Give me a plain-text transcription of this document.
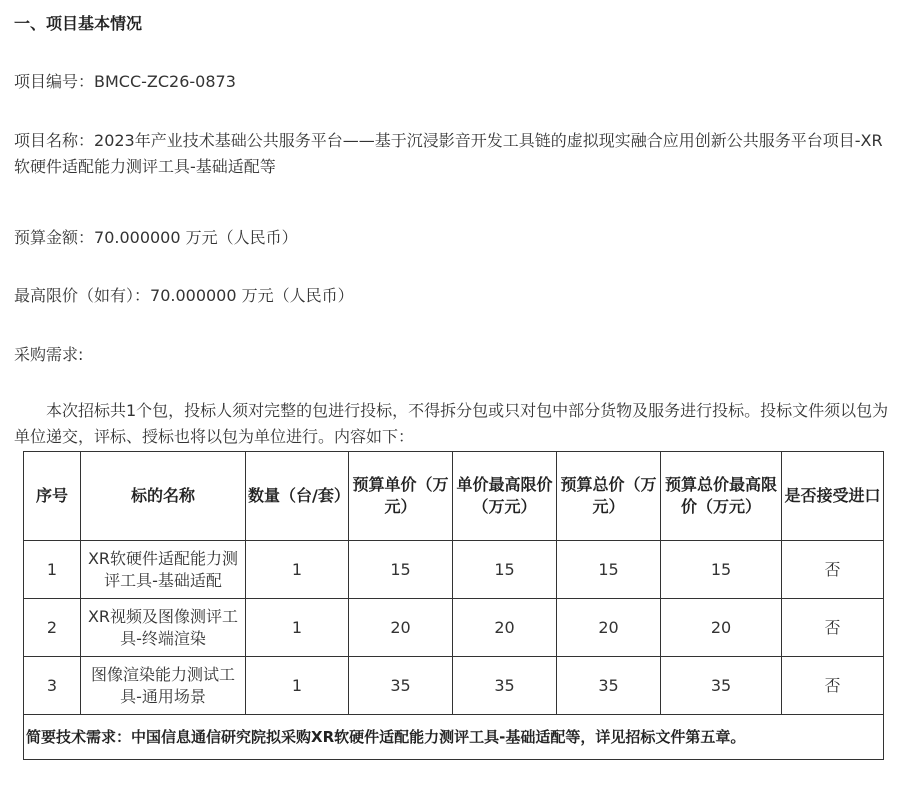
一、项目基本情况
项目编号：BMCC-ZC26-0873
项目名称：2023年产业技术基础公共服务平台——基于沉浸影音开发工具链的虚拟现实融合应用创新公共服务平台项目-XR软硬件适配能力测评工具-基础适配等
预算金额：70.000000 万元（人民币）
最高限价（如有）：70.000000 万元（人民币）
采购需求:
本次招标共1个包，投标人须对完整的包进行投标，不得拆分包或只对包中部分货物及服务进行投标。投标文件须以包为单位递交，评标、授标也将以包为单位进行。内容如下：
序号	标的名称	数量（台/套）	预算单价（万元）	单价最高限价（万元）	预算总价（万元）	预算总价最高限价（万元）	是否接受进口
1	XR软硬件适配能力测评工具-基础适配	1	15	15	15	15	否
2	XR视频及图像测评工具-终端渲染	1	20	20	20	20	否
3	图像渲染能力测试工具-通用场景	1	35	35	35	35	否
简要技术需求：中国信息通信研究院拟采购XR软硬件适配能力测评工具-基础适配等，详见招标文件第五章。							
